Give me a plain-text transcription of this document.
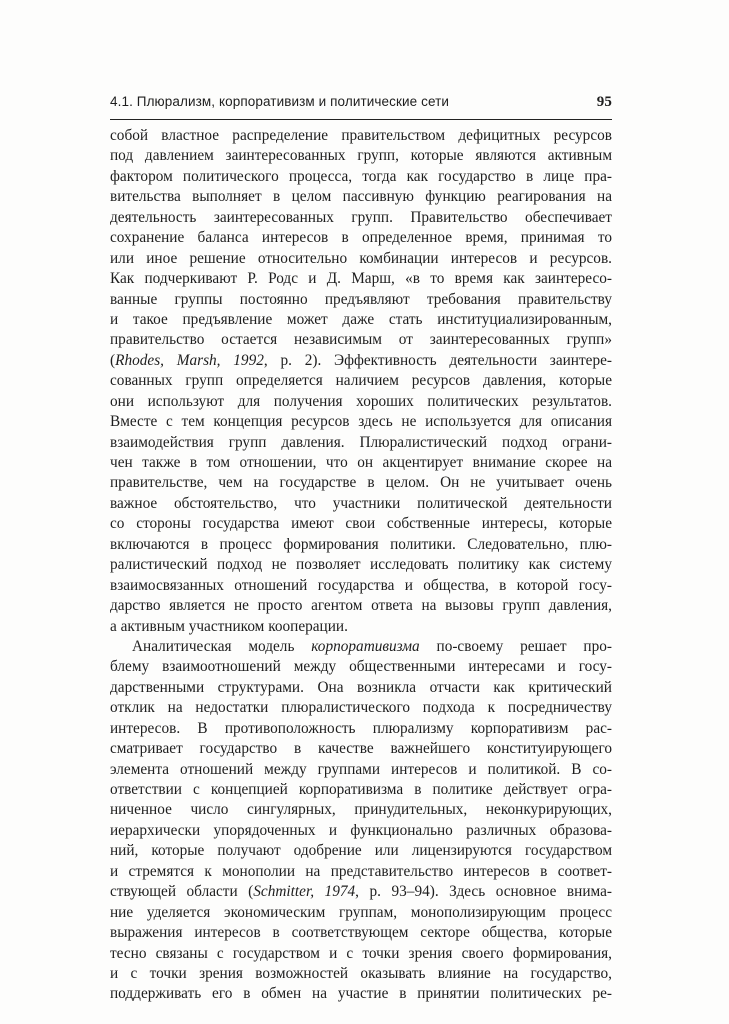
4.1. Плюрализм, корпоративизм и политические сети	95
собой властное распределение правительством дефицитных ресурсов
под давлением заинтересованных групп, которые являются активным
фактором политического процесса, тогда как государство в лице пра-
вительства выполняет в целом пассивную функцию реагирования на
деятельность заинтересованных групп. Правительство обеспечивает
сохранение баланса интересов в определенное время, принимая то
или иное решение относительно комбинации интересов и ресурсов.
Как подчеркивают Р. Родс и Д. Марш, «в то время как заинтересо-
ванные группы постоянно предъявляют требования правительству
и такое предъявление может даже стать институциализированным,
правительство остается независимым от заинтересованных групп»
(Rhodes, Marsh, 1992, p. 2). Эффективность деятельности заинтере-
сованных групп определяется наличием ресурсов давления, которые
они используют для получения хороших политических результатов.
Вместе с тем концепция ресурсов здесь не используется для описания
взаимодействия групп давления. Плюралистический подход ограни-
чен также в том отношении, что он акцентирует внимание скорее на
правительстве, чем на государстве в целом. Он не учитывает очень
важное обстоятельство, что участники политической деятельности
со стороны государства имеют свои собственные интересы, которые
включаются в процесс формирования политики. Следовательно, плю-
ралистический подход не позволяет исследовать политику как систему
взаимосвязанных отношений государства и общества, в которой госу-
дарство является не просто агентом ответа на вызовы групп давления,
а активным участником кооперации.
Аналитическая модель корпоративизма по-своему решает про-
блему взаимоотношений между общественными интересами и госу-
дарственными структурами. Она возникла отчасти как критический
отклик на недостатки плюралистического подхода к посредничеству
интересов. В противоположность плюрализму корпоративизм рас-
сматривает государство в качестве важнейшего конституирующего
элемента отношений между группами интересов и политикой. В со-
ответствии с концепцией корпоративизма в политике действует огра-
ниченное число сингулярных, принудительных, неконкурирующих,
иерархически упорядоченных и функционально различных образова-
ний, которые получают одобрение или лицензируются государством
и стремятся к монополии на представительство интересов в соответ-
ствующей области (Schmitter, 1974, p. 93–94). Здесь основное внима-
ние уделяется экономическим группам, монополизирующим процесс
выражения интересов в соответствующем секторе общества, которые
тесно связаны с государством и с точки зрения своего формирования,
и с точки зрения возможностей оказывать влияние на государство,
поддерживать его в обмен на участие в принятии политических ре-
